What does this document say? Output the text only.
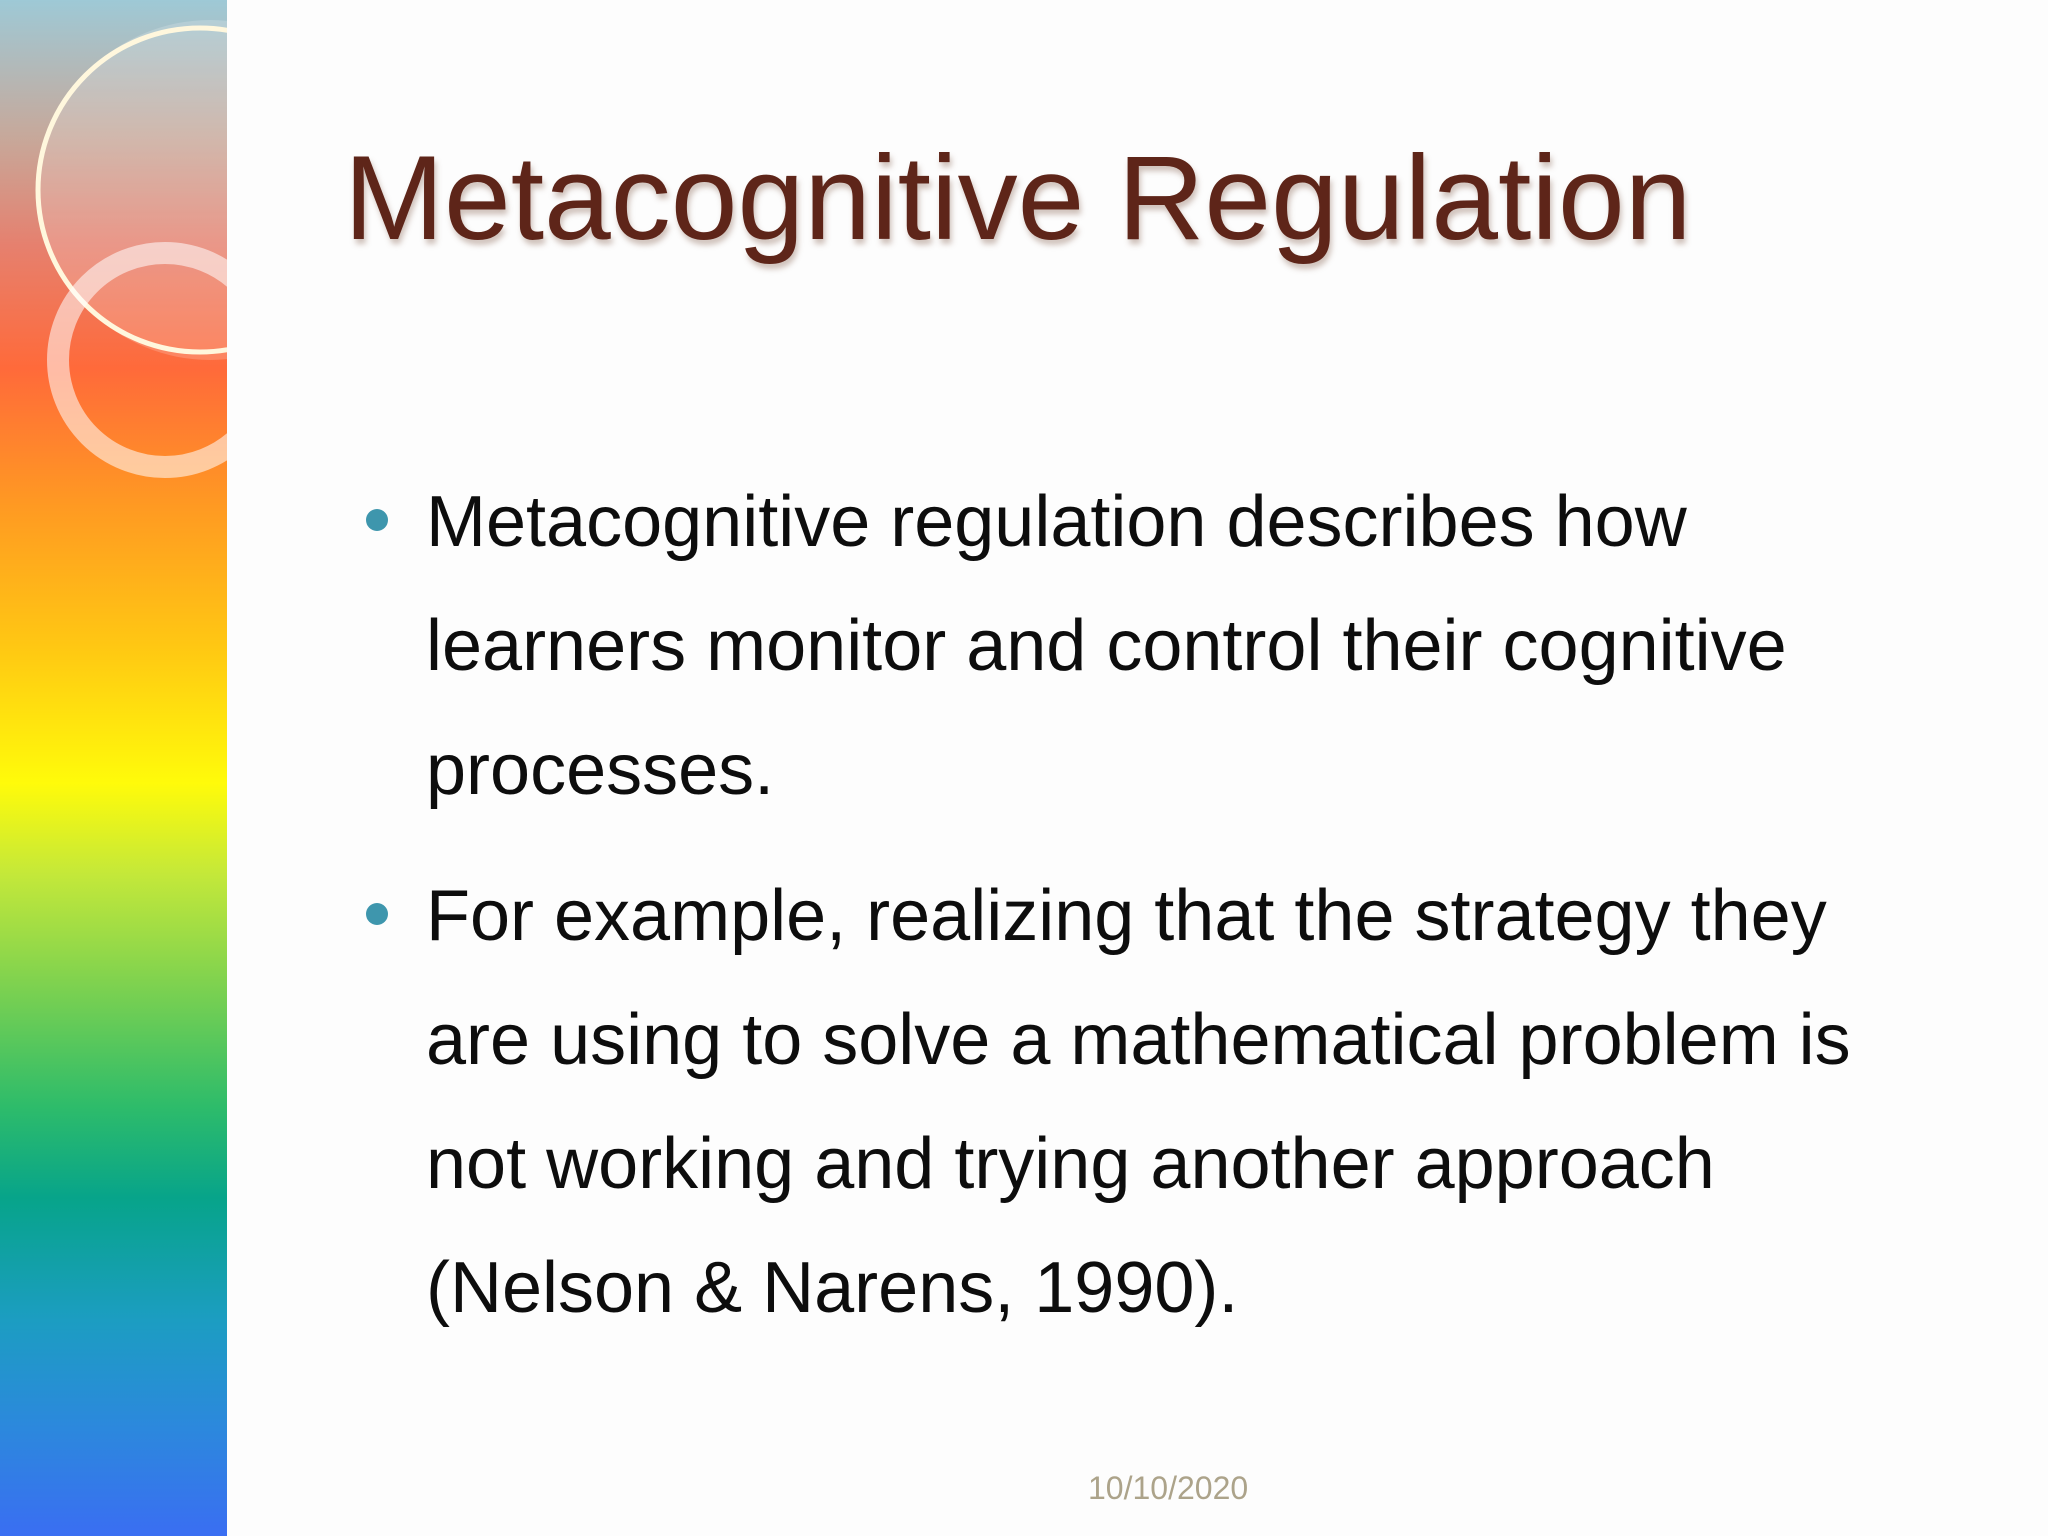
Metacognitive Regulation
Metacognitive regulation describes how learners monitor and control their cognitive processes.
For example, realizing that the strategy they are using to solve a mathematical problem is not working and trying another approach (Nelson & Narens, 1990).
10/10/2020
